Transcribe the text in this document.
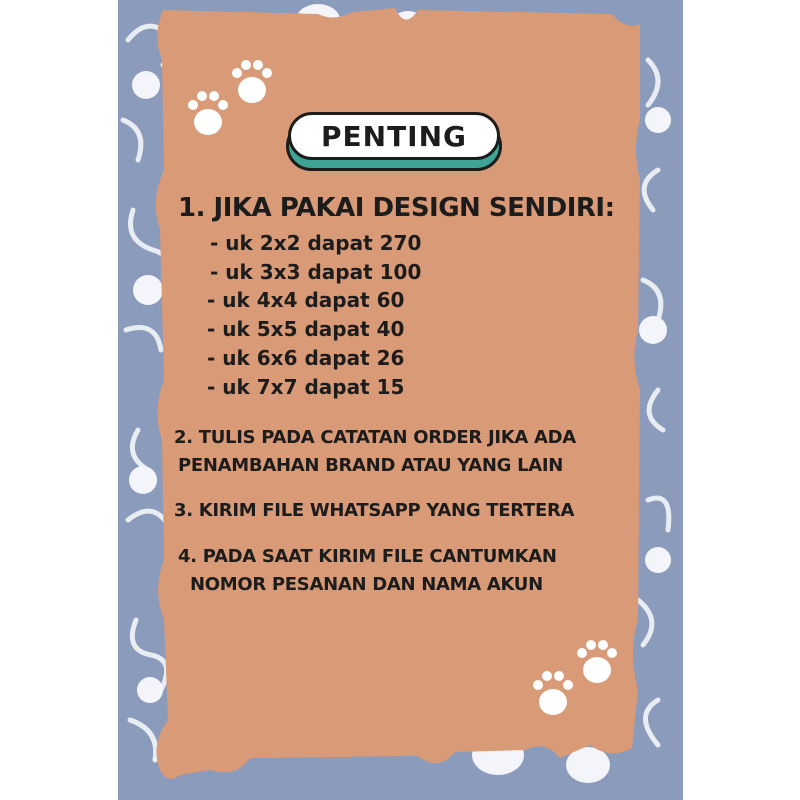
PENTING
1. JIKA PAKAI DESIGN SENDIRI:
- uk 2x2 dapat 270
- uk 3x3 dapat 100
- uk 4x4 dapat 60
- uk 5x5 dapat 40
- uk 6x6 dapat 26
- uk 7x7 dapat 15
2. TULIS PADA CATATAN ORDER JIKA ADA
PENAMBAHAN BRAND ATAU YANG LAIN
3. KIRIM FILE WHATSAPP YANG TERTERA
4. PADA SAAT KIRIM FILE CANTUMKAN
NOMOR PESANAN DAN NAMA AKUN
